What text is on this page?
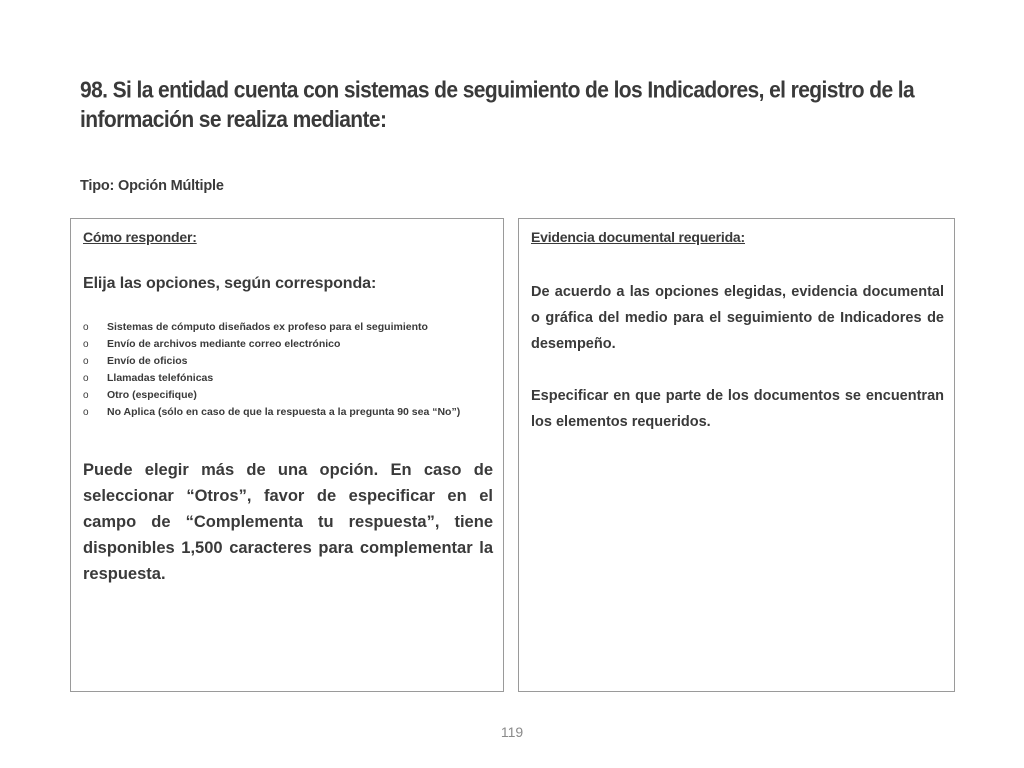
98. Si la entidad cuenta con sistemas de seguimiento de los Indicadores, el registro de la información se realiza mediante:
Tipo: Opción Múltiple
Cómo responder:
Elija las opciones, según corresponda:
o Sistemas de cómputo diseñados ex profeso para el seguimiento
o Envío de archivos mediante correo electrónico
o Envío de oficios
o Llamadas telefónicas
o Otro (especifique)
o No Aplica (sólo en caso de que la respuesta a la pregunta 90 sea “No”)

Puede elegir más de una opción. En caso de seleccionar “Otros”, favor de especificar en el campo de “Complementa tu respuesta”, tiene disponibles 1,500 caracteres para complementar la respuesta.

Evidencia documental requerida:

De acuerdo a las opciones elegidas, evidencia documental o gráfica del medio para el seguimiento de Indicadores de desempeño.

Especificar en que parte de los documentos se encuentran los elementos requeridos.

119
